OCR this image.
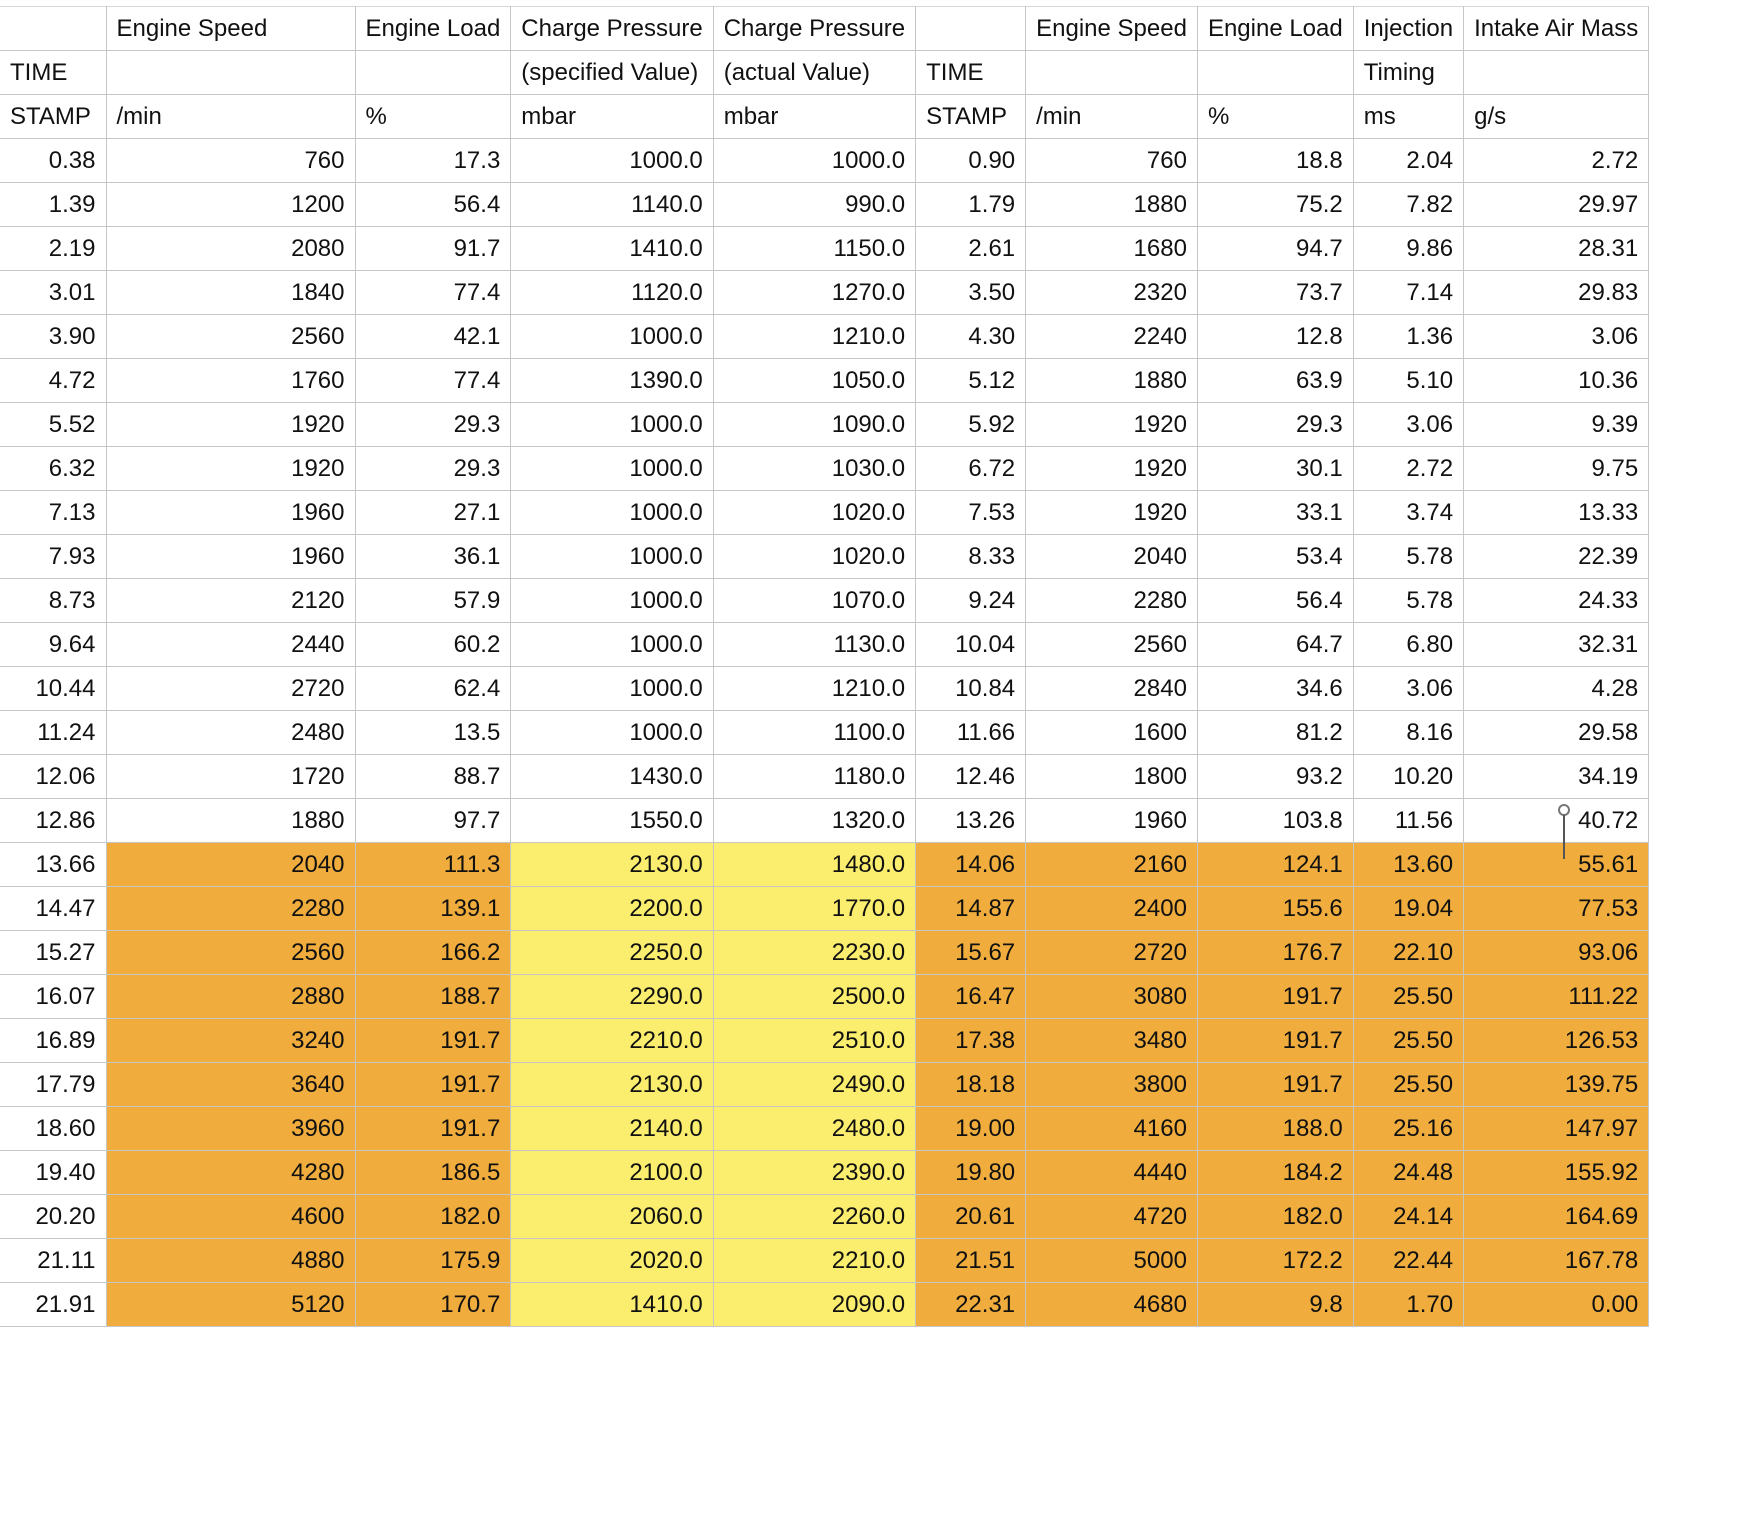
	Engine Speed	Engine Load	Charge Pressure	Charge Pressure		Engine Speed	Engine Load	Injection	Intake Air Mass
TIME			(specified Value)	(actual Value)	TIME			Timing	
STAMP	/min	%	mbar	mbar	STAMP	/min	%	ms	g/s
0.38	760	17.3	1000.0	1000.0	0.90	760	18.8	2.04	2.72
1.39	1200	56.4	1140.0	990.0	1.79	1880	75.2	7.82	29.97
2.19	2080	91.7	1410.0	1150.0	2.61	1680	94.7	9.86	28.31
3.01	1840	77.4	1120.0	1270.0	3.50	2320	73.7	7.14	29.83
3.90	2560	42.1	1000.0	1210.0	4.30	2240	12.8	1.36	3.06
4.72	1760	77.4	1390.0	1050.0	5.12	1880	63.9	5.10	10.36
5.52	1920	29.3	1000.0	1090.0	5.92	1920	29.3	3.06	9.39
6.32	1920	29.3	1000.0	1030.0	6.72	1920	30.1	2.72	9.75
7.13	1960	27.1	1000.0	1020.0	7.53	1920	33.1	3.74	13.33
7.93	1960	36.1	1000.0	1020.0	8.33	2040	53.4	5.78	22.39
8.73	2120	57.9	1000.0	1070.0	9.24	2280	56.4	5.78	24.33
9.64	2440	60.2	1000.0	1130.0	10.04	2560	64.7	6.80	32.31
10.44	2720	62.4	1000.0	1210.0	10.84	2840	34.6	3.06	4.28
11.24	2480	13.5	1000.0	1100.0	11.66	1600	81.2	8.16	29.58
12.06	1720	88.7	1430.0	1180.0	12.46	1800	93.2	10.20	34.19
12.86	1880	97.7	1550.0	1320.0	13.26	1960	103.8	11.56	40.72
13.66	2040	111.3	2130.0	1480.0	14.06	2160	124.1	13.60	55.61
14.47	2280	139.1	2200.0	1770.0	14.87	2400	155.6	19.04	77.53
15.27	2560	166.2	2250.0	2230.0	15.67	2720	176.7	22.10	93.06
16.07	2880	188.7	2290.0	2500.0	16.47	3080	191.7	25.50	111.22
16.89	3240	191.7	2210.0	2510.0	17.38	3480	191.7	25.50	126.53
17.79	3640	191.7	2130.0	2490.0	18.18	3800	191.7	25.50	139.75
18.60	3960	191.7	2140.0	2480.0	19.00	4160	188.0	25.16	147.97
19.40	4280	186.5	2100.0	2390.0	19.80	4440	184.2	24.48	155.92
20.20	4600	182.0	2060.0	2260.0	20.61	4720	182.0	24.14	164.69
21.11	4880	175.9	2020.0	2210.0	21.51	5000	172.2	22.44	167.78
21.91	5120	170.7	1410.0	2090.0	22.31	4680	9.8	1.70	0.00
